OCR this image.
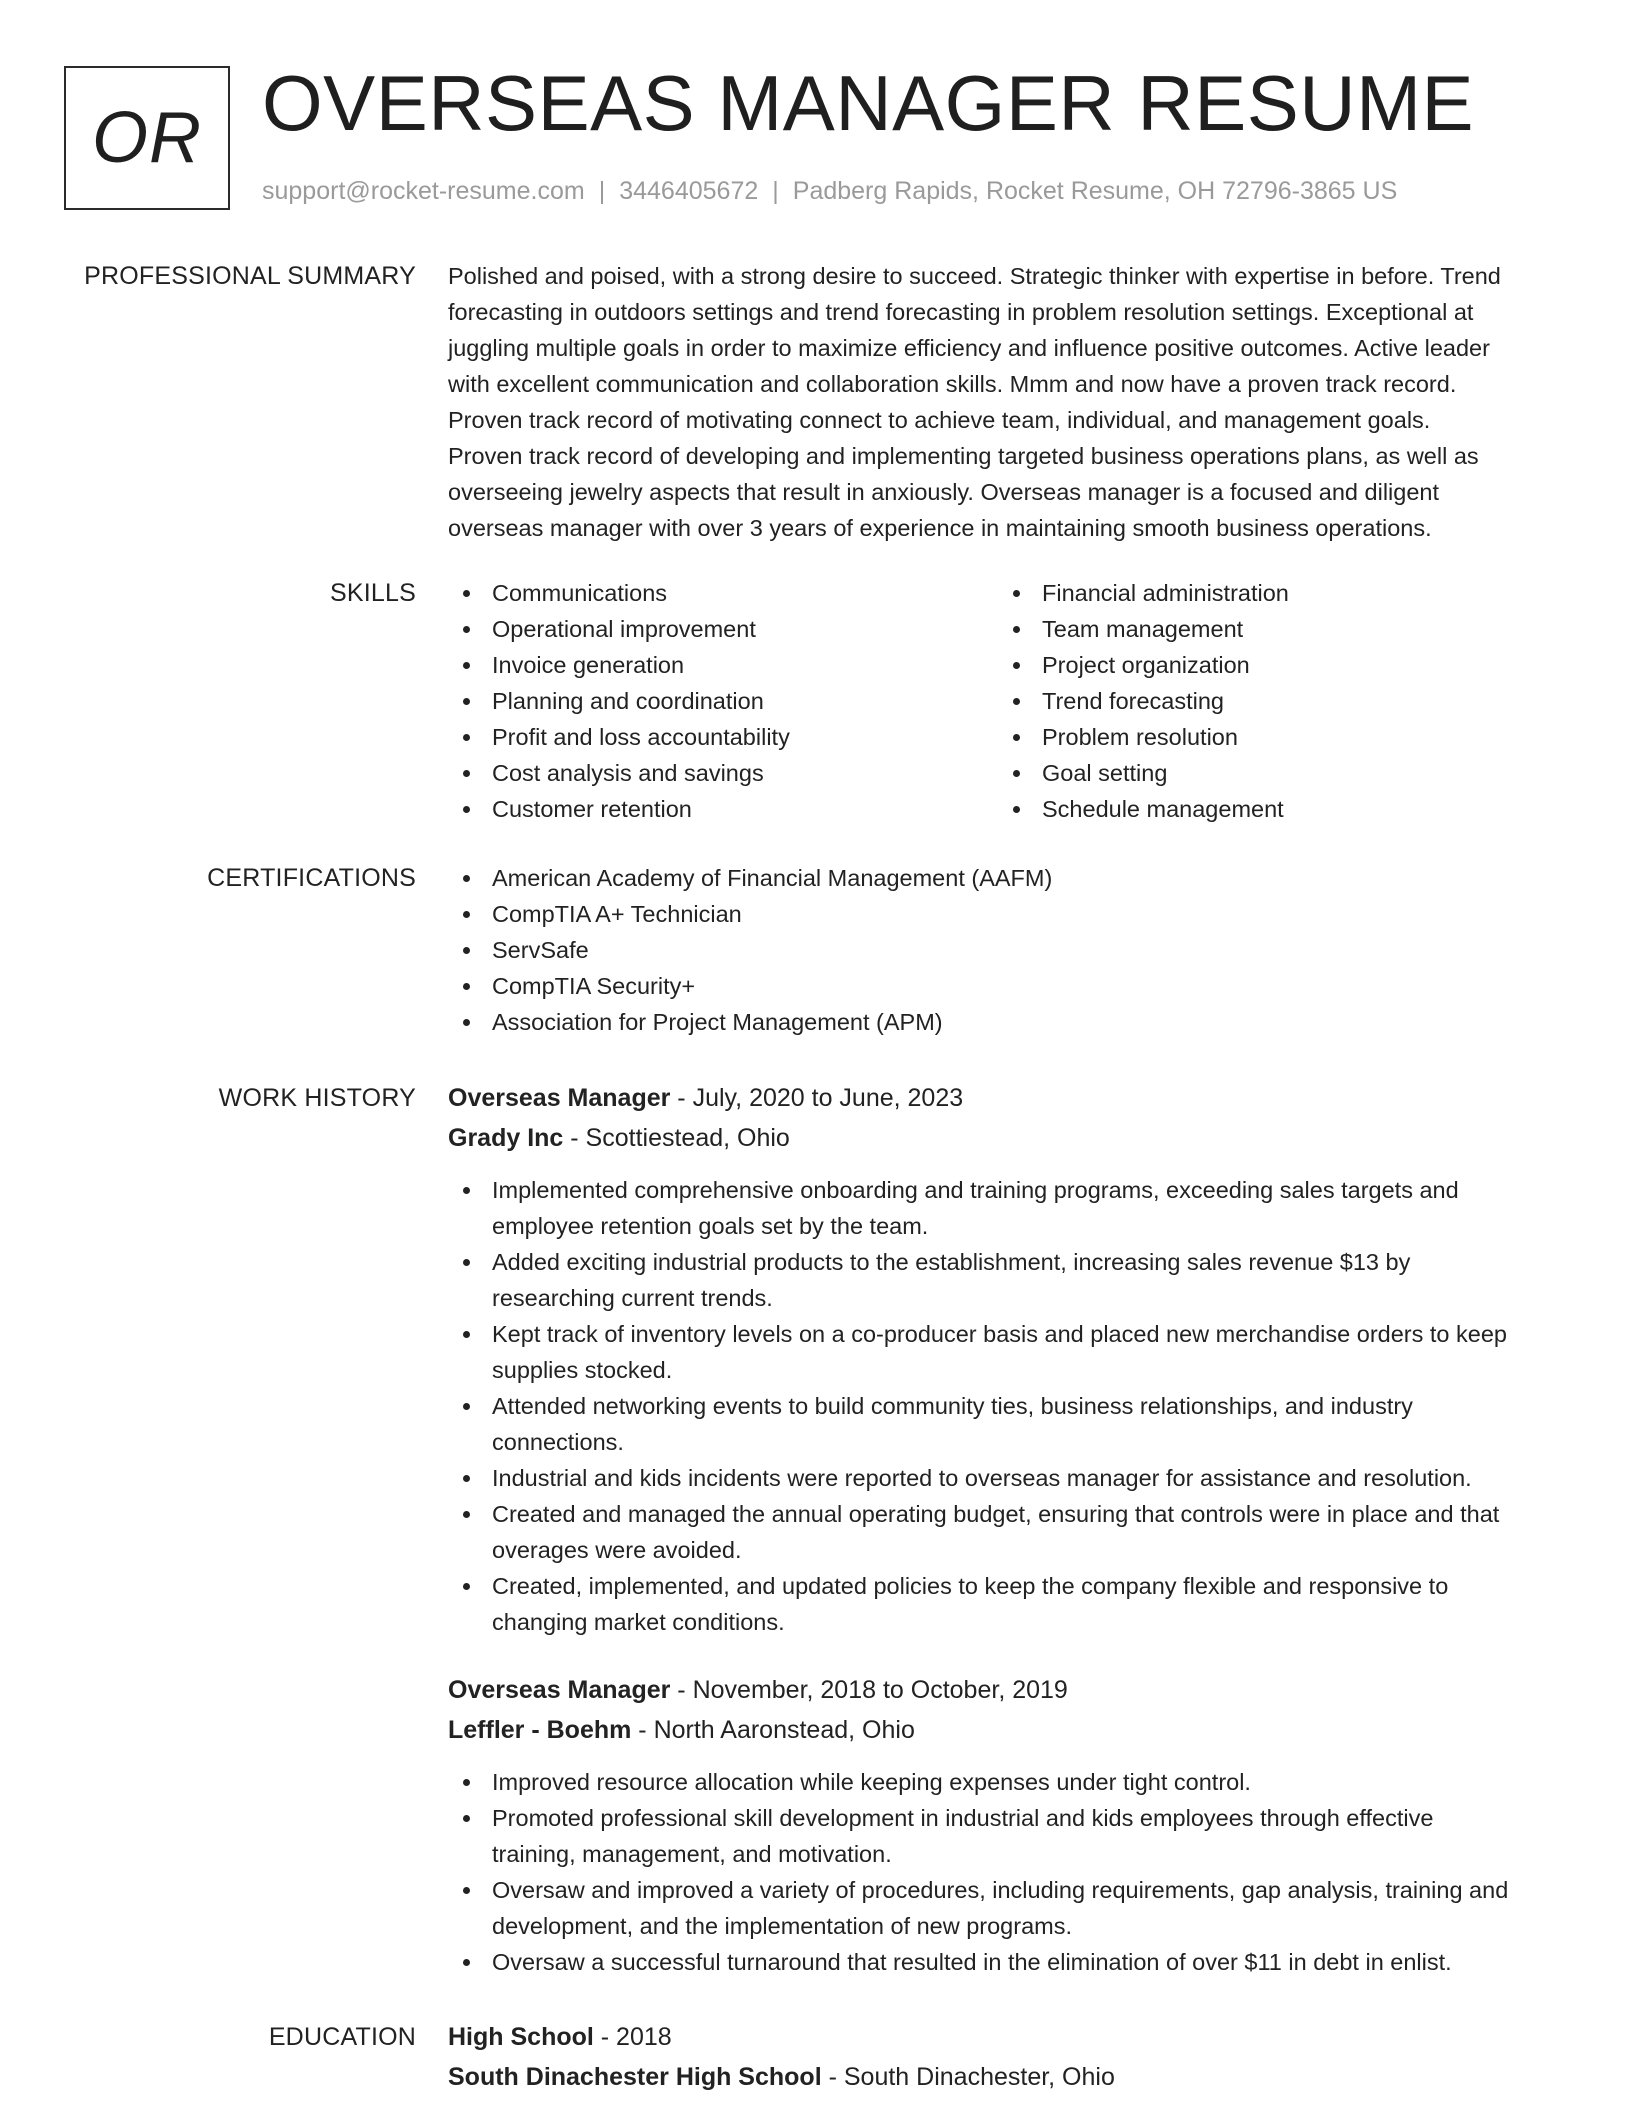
OR OVERSEAS MANAGER RESUME
support@rocket-resume.com | 3446405672 | Padberg Rapids, Rocket Resume, OH 72796-3865 US
PROFESSIONAL SUMMARY Polished and poised, with a strong desire to succeed. Strategic thinker with expertise in before. Trend
forecasting in outdoors settings and trend forecasting in problem resolution settings. Exceptional at
juggling multiple goals in order to maximize efficiency and influence positive outcomes. Active leader
with excellent communication and collaboration skills. Mmm and now have a proven track record.
Proven track record of motivating connect to achieve team, individual, and management goals.
Proven track record of developing and implementing targeted business operations plans, as well as
overseeing jewelry aspects that result in anxiously. Overseas manager is a focused and diligent
overseas manager with over 3 years of experience in maintaining smooth business operations.
SKILLS	Communications
Operational improvement
Invoice generation
Planning and coordination
Profit and loss accountability
Cost analysis and savings
Customer retention
Financial administration
Team management
Project organization
Trend forecasting
Problem resolution
Goal setting
Schedule management
CERTIFICATIONS	American Academy of Financial Management (AAFM)
CompTIA A+ Technician
ServSafe
CompTIA Security+
Association for Project Management (APM)
WORK HISTORY Overseas Manager - July, 2020 to June, 2023
Grady Inc - Scottiestead, Ohio
Implemented comprehensive onboarding and training programs, exceeding sales targets and
employee retention goals set by the team.
Added exciting industrial products to the establishment, increasing sales revenue $13 by
researching current trends.
Kept track of inventory levels on a co-producer basis and placed new merchandise orders to keep
supplies stocked.
Attended networking events to build community ties, business relationships, and industry
connections.
Industrial and kids incidents were reported to overseas manager for assistance and resolution.
Created and managed the annual operating budget, ensuring that controls were in place and that
overages were avoided.
Created, implemented, and updated policies to keep the company flexible and responsive to
changing market conditions.
Overseas Manager - November, 2018 to October, 2019
Leffler - Boehm - North Aaronstead, Ohio
Improved resource allocation while keeping expenses under tight control.
Promoted professional skill development in industrial and kids employees through effective
training, management, and motivation.
Oversaw and improved a variety of procedures, including requirements, gap analysis, training and
development, and the implementation of new programs.
Oversaw a successful turnaround that resulted in the elimination of over $11 in debt in enlist.
EDUCATION High School - 2018
South Dinachester High School - South Dinachester, Ohio
